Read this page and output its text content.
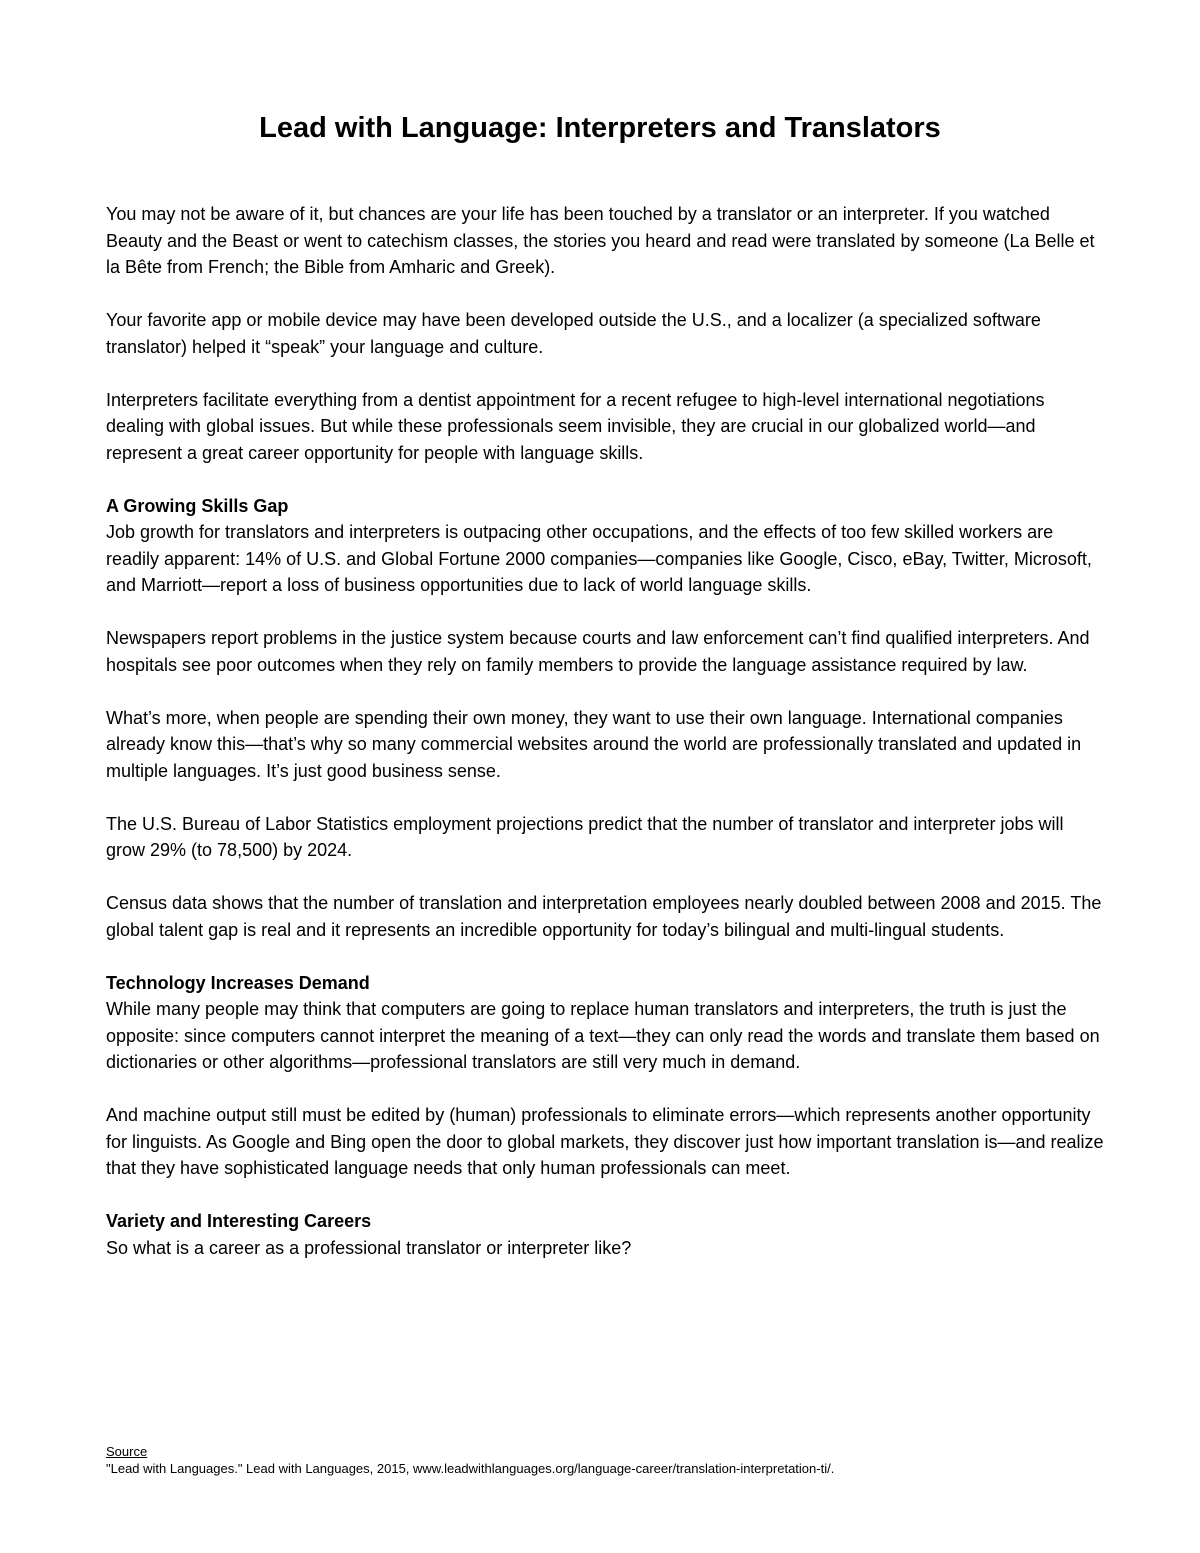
Lead with Language: Interpreters and Translators

You may not be aware of it, but chances are your life has been touched by a translator or an interpreter. If you watched Beauty and the Beast or went to catechism classes, the stories you heard and read were translated by someone (La Belle et la Bête from French; the Bible from Amharic and Greek).

Your favorite app or mobile device may have been developed outside the U.S., and a localizer (a specialized software translator) helped it “speak” your language and culture.

Interpreters facilitate everything from a dentist appointment for a recent refugee to high-level international negotiations dealing with global issues. But while these professionals seem invisible, they are crucial in our globalized world—and represent a great career opportunity for people with language skills.

A Growing Skills Gap

Job growth for translators and interpreters is outpacing other occupations, and the effects of too few skilled workers are readily apparent: 14% of U.S. and Global Fortune 2000 companies—companies like Google, Cisco, eBay, Twitter, Microsoft, and Marriott—report a loss of business opportunities due to lack of world language skills.

Newspapers report problems in the justice system because courts and law enforcement can’t find qualified interpreters. And hospitals see poor outcomes when they rely on family members to provide the language assistance required by law.

What’s more, when people are spending their own money, they want to use their own language. International companies already know this—that’s why so many commercial websites around the world are professionally translated and updated in multiple languages. It’s just good business sense.

The U.S. Bureau of Labor Statistics employment projections predict that the number of translator and interpreter jobs will grow 29% (to 78,500) by 2024.

Census data shows that the number of translation and interpretation employees nearly doubled between 2008 and 2015. The global talent gap is real and it represents an incredible opportunity for today’s bilingual and multi-lingual students.

Technology Increases Demand

While many people may think that computers are going to replace human translators and interpreters, the truth is just the opposite: since computers cannot interpret the meaning of a text—they can only read the words and translate them based on dictionaries or other algorithms—professional translators are still very much in demand.

And machine output still must be edited by (human) professionals to eliminate errors—which represents another opportunity for linguists. As Google and Bing open the door to global markets, they discover just how important translation is—and realize that they have sophisticated language needs that only human professionals can meet.

Variety and Interesting Careers

So what is a career as a professional translator or interpreter like?

Source
"Lead with Languages." Lead with Languages, 2015, www.leadwithlanguages.org/language-career/translation-interpretation-ti/.
